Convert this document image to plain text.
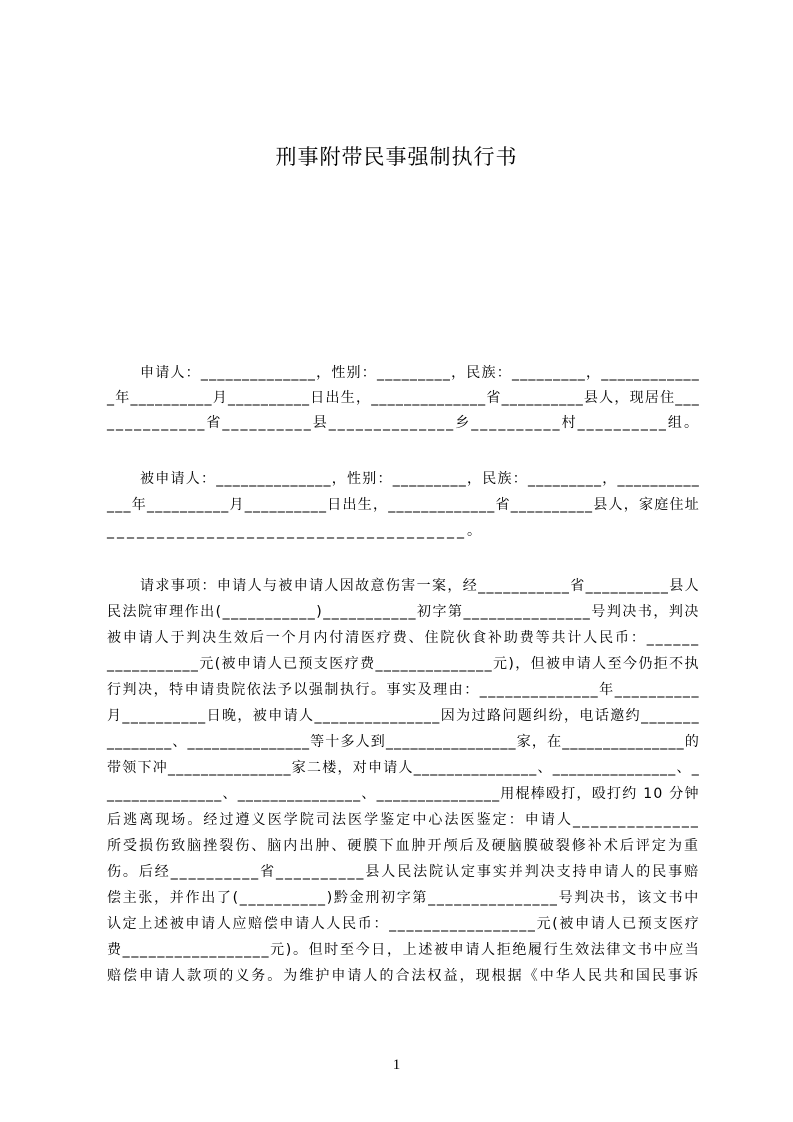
刑事附带民事强制执行书
申请人：______________，性别：_________，民族：_________，____________
_年__________月__________日出生，______________省__________县人，现居住___
___________省__________县______________乡__________村__________组。
被申请人：______________，性别：_________，民族：_________，__________
___年__________月__________日出生，_____________省__________县人，家庭住址
____________________________________。
请求事项：申请人与被申请人因故意伤害一案，经___________省__________县人
民法院审理作出(___________)___________初字第_______________号判决书，判决
被申请人于判决生效后一个月内付清医疗费、住院伙食补助费等共计人民币：______
___________元(被申请人已预支医疗费______________元)，但被申请人至今仍拒不执
行判决，特申请贵院依法予以强制执行。事实及理由：______________年__________
月__________日晚，被申请人_______________因为过路问题纠纷，电话邀约_______
________、_______________等十多人到________________家，在_______________的
带领下冲_______________家二楼，对申请人_______________、_______________、_
______________、_______________、_______________用棍棒殴打，殴打约 10 分钟
后逃离现场。经过遵义医学院司法医学鉴定中心法医鉴定：申请人______________
所受损伤致脑挫裂伤、脑内出肿、硬膜下血肿开颅后及硬脑膜破裂修补术后评定为重
伤。后经__________省__________县人民法院认定事实并判决支持申请人的民事赔
偿主张，并作出了(__________)黔金刑初字第_______________号判决书，该文书中
认定上述被申请人应赔偿申请人人民币：_________________元(被申请人已预支医疗
费_________________元)。但时至今日，上述被申请人拒绝履行生效法律文书中应当
赔偿申请人款项的义务。为维护申请人的合法权益，现根据《中华人民共和国民事诉
1
